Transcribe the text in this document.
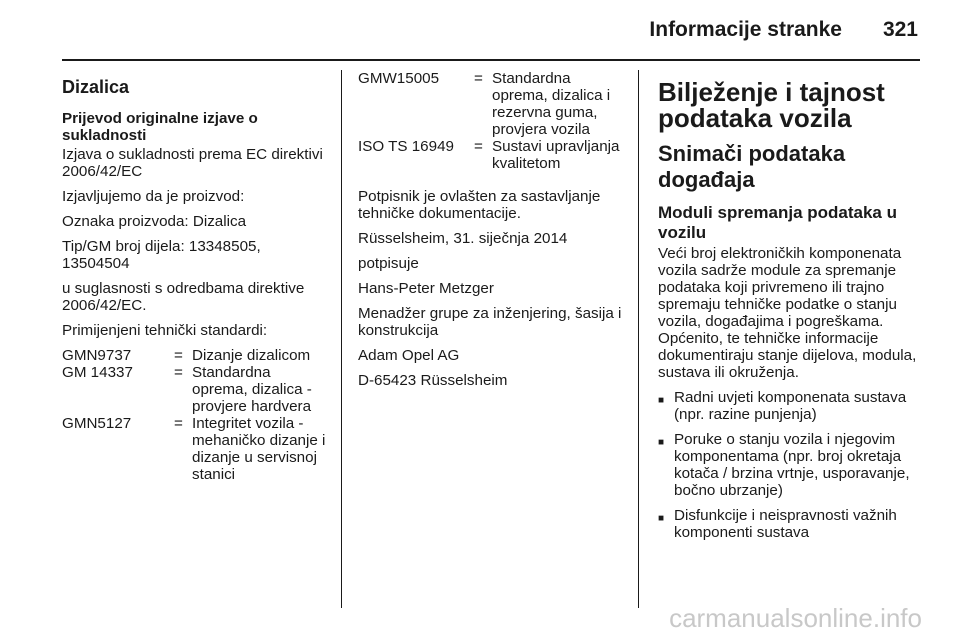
Informacije stranke 321
Dizalica
Prijevod originalne izjave o sukladnosti

Izjava o sukladnosti prema EC direktivi 2006/42/EC

Izjavljujemo da je proizvod:

Oznaka proizvoda: Dizalica

Tip/GM broj dijela: 13348505, 13504504

u suglasnosti s odredbama direktive 2006/42/EC.

Primijenjeni tehnički standardi:

GMN9737	= Dizanje dizalicom
GM 14337	= Standardna oprema, dizalica - provjere hardvera
GMN5127	= Integritet vozila - mehaničko dizanje i dizanje u servisnoj stanici
GMW15005	= Standardna oprema, dizalica i rezervna guma, provjera vozila
ISO TS 16949	= Sustavi upravljanja kvalitetom

Potpisnik je ovlašten za sastavljanje tehničke dokumentacije.

Rüsselsheim, 31. siječnja 2014

potpisuje

Hans-Peter Metzger

Menadžer grupe za inženjering, šasija i konstrukcija

Adam Opel AG

D-65423 Rüsselsheim

Bilježenje i tajnost podataka vozila
Snimači podataka događaja
Moduli spremanja podataka u vozilu

Veći broj elektroničkih komponenata vozila sadrže module za spremanje podataka koji privremeno ili trajno spremaju tehničke podatke o stanju vozila, događajima i pogreškama. Općenito, te tehničke informacije dokumentiraju stanje dijelova, modula, sustava ili okruženja.

■ Radni uvjeti komponenata sustava (npr. razine punjenja)
■ Poruke o stanju vozila i njegovim komponentama (npr. broj okretaja kotača / brzina vrtnje, usporavanje, bočno ubrzanje)
■ Disfunkcije i neispravnosti važnih komponenti sustava
carmanualsonline.info
